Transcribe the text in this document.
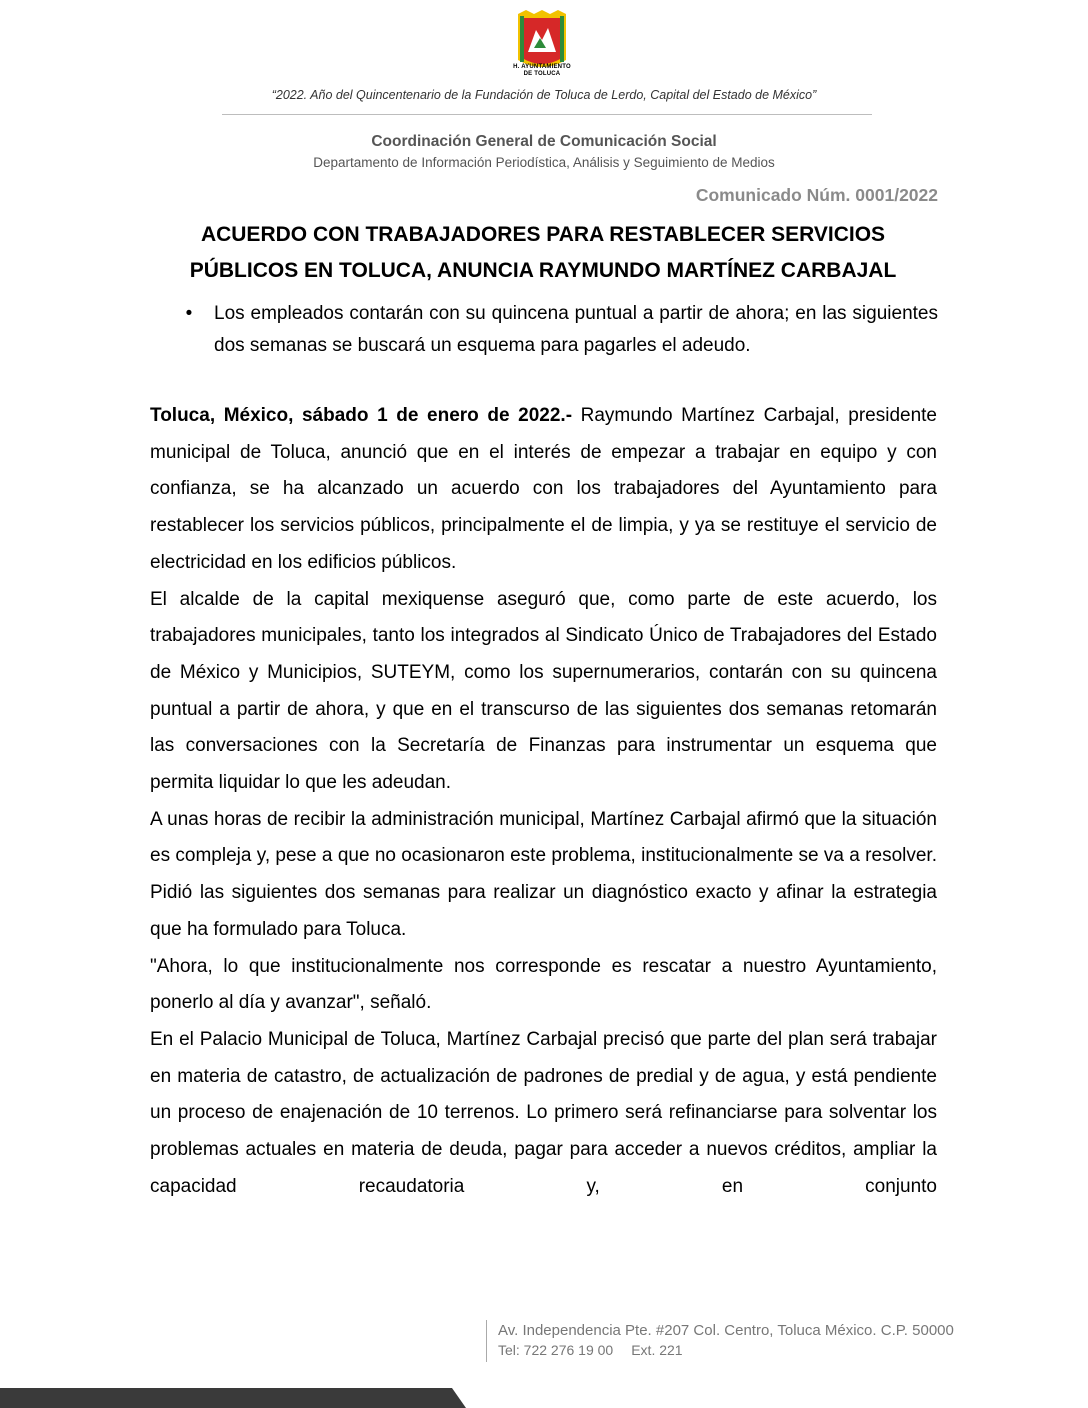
H. AYUNTAMIENTO
DE TOLUCA
“2022. Año del Quincentenario de la Fundación de Toluca de Lerdo, Capital del Estado de México”
Coordinación General de Comunicación Social
Departamento de Información Periodística, Análisis y Seguimiento de Medios
Comunicado Núm. 0001/2022
ACUERDO CON TRABAJADORES PARA RESTABLECER SERVICIOS
PÚBLICOS EN TOLUCA, ANUNCIA RAYMUNDO MARTÍNEZ CARBAJAL
• Los empleados contarán con su quincena puntual a partir de ahora; en las siguientes dos semanas se buscará un esquema para pagarles el adeudo.

Toluca, México, sábado 1 de enero de 2022.- Raymundo Martínez Carbajal, presidente municipal de Toluca, anunció que en el interés de empezar a trabajar en equipo y con confianza, se ha alcanzado un acuerdo con los trabajadores del Ayuntamiento para restablecer los servicios públicos, principalmente el de limpia, y ya se restituye el servicio de electricidad en los edificios públicos.

El alcalde de la capital mexiquense aseguró que, como parte de este acuerdo, los trabajadores municipales, tanto los integrados al Sindicato Único de Trabajadores del Estado de México y Municipios, SUTEYM, como los supernumerarios, contarán con su quincena puntual a partir de ahora, y que en el transcurso de las siguientes dos semanas retomarán las conversaciones con la Secretaría de Finanzas para instrumentar un esquema que permita liquidar lo que les adeudan.

A unas horas de recibir la administración municipal, Martínez Carbajal afirmó que la situación es compleja y, pese a que no ocasionaron este problema, institucionalmente se va a resolver. Pidió las siguientes dos semanas para realizar un diagnóstico exacto y afinar la estrategia que ha formulado para Toluca.

"Ahora, lo que institucionalmente nos corresponde es rescatar a nuestro Ayuntamiento, ponerlo al día y avanzar", señaló.

En el Palacio Municipal de Toluca, Martínez Carbajal precisó que parte del plan será trabajar en materia de catastro, de actualización de padrones de predial y de agua, y está pendiente un proceso de enajenación de 10 terrenos. Lo primero será refinanciarse para solventar los problemas actuales en materia de deuda, pagar para acceder a nuevos créditos, ampliar la capacidad recaudatoria y, en conjunto

Av. Independencia Pte. #207 Col. Centro, Toluca México. C.P. 50000
Tel: 722 276 19 00 Ext. 221
